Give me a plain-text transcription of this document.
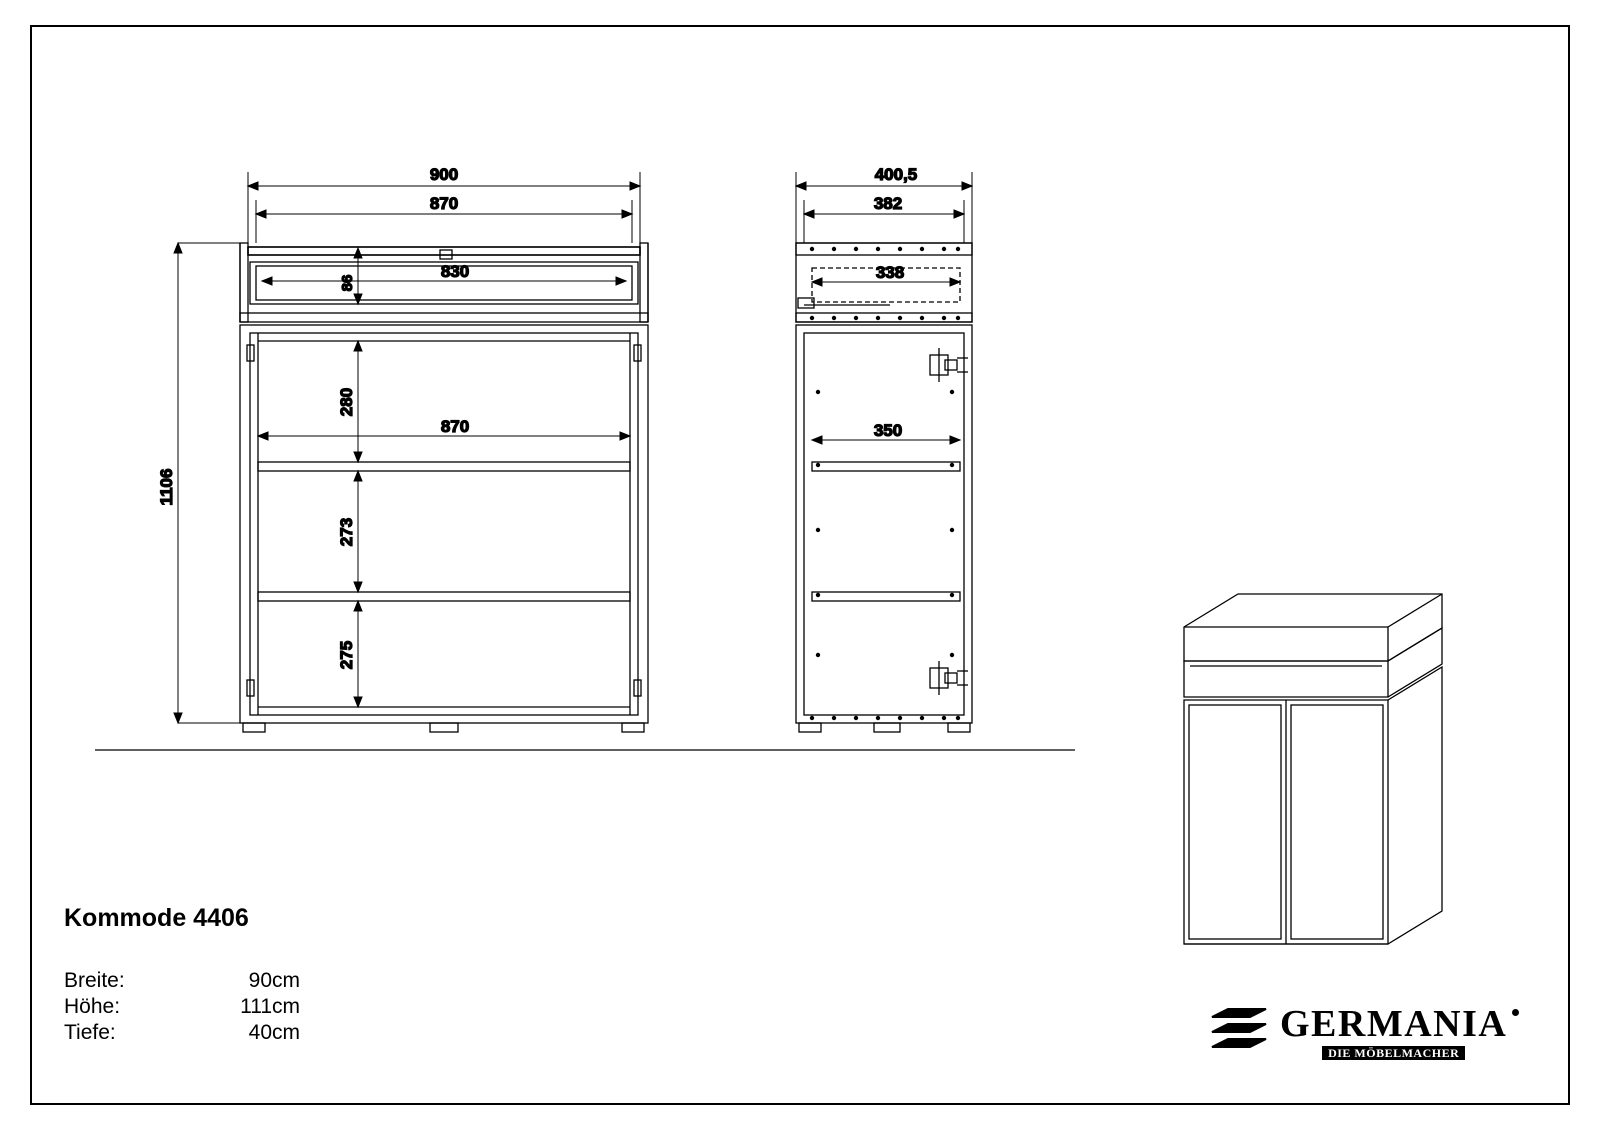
900
870
830
86
1106
280
273
275
870
400,5
382
338
350
Kommode 4406
Breite:	90	cm
Höhe:	111	cm
Tiefe:	40	cm	GERMANIA
DIE MÖBELMACHER
